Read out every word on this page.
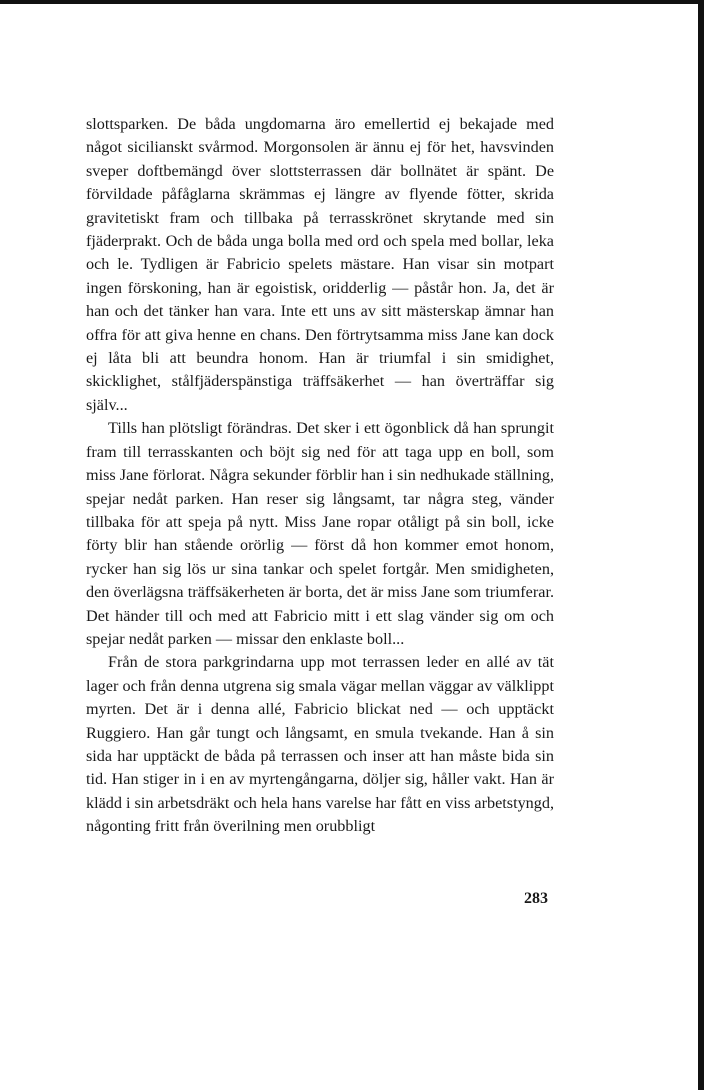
slottsparken. De båda ungdomarna äro emellertid ej bekajade med något sicilianskt svårmod. Morgonsolen är ännu ej för het, havsvinden sveper doftbemängd över slottsterrassen där bollnätet är spänt. De förvildade påfåglarna skrämmas ej längre av flyende fötter, skrida gravitetiskt fram och tillbaka på terrasskrönet skrytande med sin fjäderprakt. Och de båda unga bolla med ord och spela med bollar, leka och le. Tydligen är Fabricio spelets mästare. Han visar sin motpart ingen förskoning, han är egoistisk, oridderlig — påstår hon. Ja, det är han och det tänker han vara. Inte ett uns av sitt mästerskap ämnar han offra för att giva henne en chans. Den förtrytsamma miss Jane kan dock ej låta bli att beundra honom. Han är triumfal i sin smidighet, skicklighet, stålfjäderspänstiga träffsäkerhet — han överträffar sig själv...

Tills han plötsligt förändras. Det sker i ett ögonblick då han sprungit fram till terrasskanten och böjt sig ned för att taga upp en boll, som miss Jane förlorat. Några sekunder förblir han i sin nedhukade ställning, spejar nedåt parken. Han reser sig långsamt, tar några steg, vänder tillbaka för att speja på nytt. Miss Jane ropar otåligt på sin boll, icke förty blir han stående orörlig — först då hon kommer emot honom, rycker han sig lös ur sina tankar och spelet fortgår. Men smidigheten, den överlägsna träffsäkerheten är borta, det är miss Jane som triumferar. Det händer till och med att Fabricio mitt i ett slag vänder sig om och spejar nedåt parken — missar den enklaste boll...

Från de stora parkgrindarna upp mot terrassen leder en allé av tät lager och från denna utgrena sig smala vägar mellan väggar av välklippt myrten. Det är i denna allé, Fabricio blickat ned — och upptäckt Ruggiero. Han går tungt och långsamt, en smula tvekande. Han å sin sida har upptäckt de båda på terrassen och inser att han måste bida sin tid. Han stiger in i en av myrtengångarna, döljer sig, håller vakt. Han är klädd i sin arbetsdräkt och hela hans varelse har fått en viss arbetstyngd, någonting fritt från överilning men orubbligt

283
